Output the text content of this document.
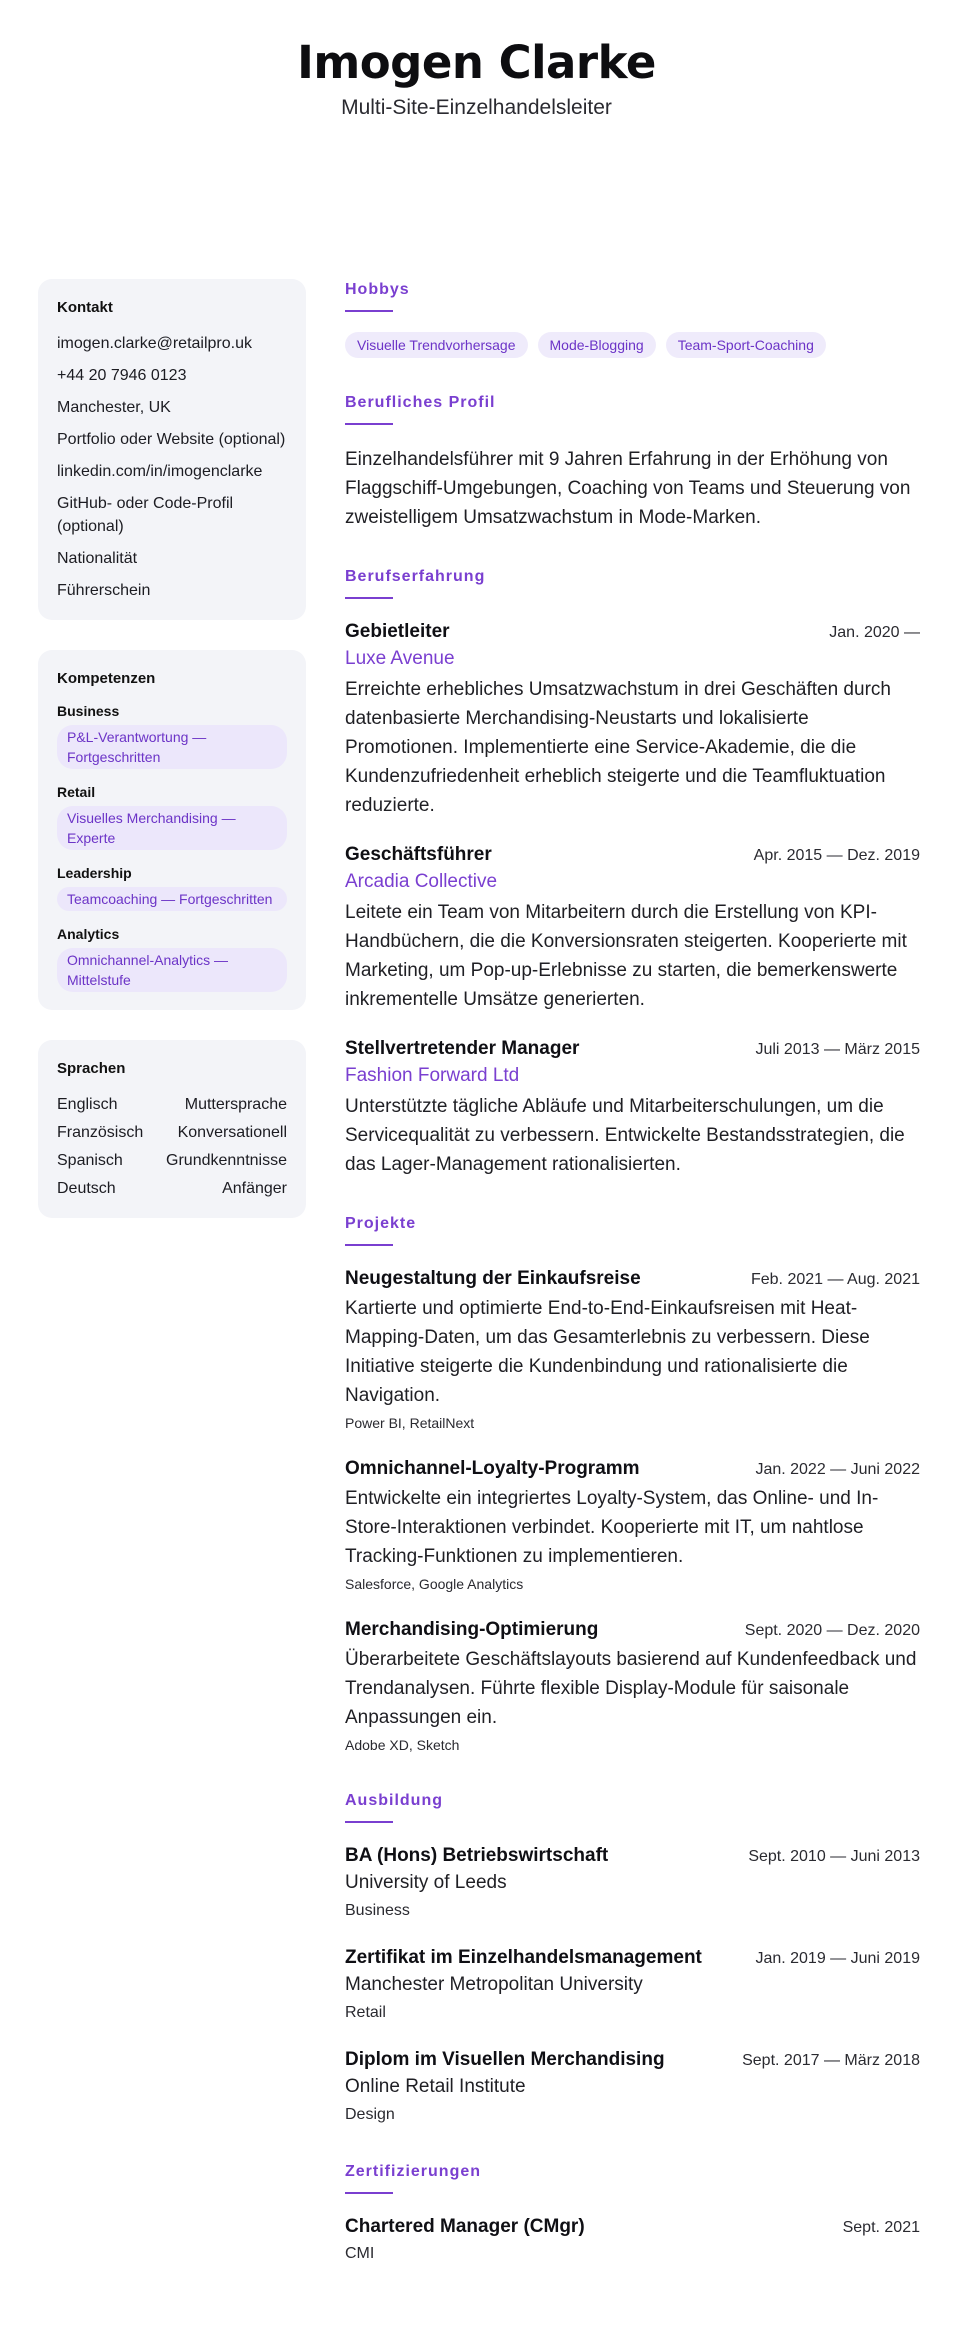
Imogen Clarke
Multi-Site-Einzelhandelsleiter
Kontakt
imogen.clarke@retailpro.uk
+44 20 7946 0123
Manchester, UK
Portfolio oder Website (optional)
linkedin.com/in/imogenclarke
GitHub- oder Code-Profil (optional)
Nationalität
Führerschein
Kompetenzen
Business
P&L-Verantwortung — Fortgeschritten
Retail
Visuelles Merchandising — Experte
Leadership
Teamcoaching — Fortgeschritten
Analytics
Omnichannel-Analytics — Mittelstufe
Sprachen
Englisch	Muttersprache
Französisch Konversationell
Spanisch	Grundkenntnisse
Deutsch	Anfänger
Hobbys
Visuelle Trendvorhersage	Mode-Blogging	Team-Sport-Coaching
Berufliches Profil

Einzelhandelsführer mit 9 Jahren Erfahrung in der Erhöhung von Flaggschiff-Umgebungen, Coaching von Teams und Steuerung von zweistelligem Umsatzwachstum in Mode-Marken.

Berufserfahrung
Gebietleiter	Jan. 2020 —
Luxe Avenue

Erreichte erhebliches Umsatzwachstum in drei Geschäften durch datenbasierte Merchandising-Neustarts und lokalisierte Promotionen. Implementierte eine Service-Akademie, die die Kundenzufriedenheit erheblich steigerte und die Teamfluktuation reduzierte.

Geschäftsführer	Apr. 2015 — Dez. 2019
Arcadia Collective

Leitete ein Team von Mitarbeitern durch die Erstellung von KPI-Handbüchern, die die Konversionsraten steigerten. Kooperierte mit Marketing, um Pop-up-Erlebnisse zu starten, die bemerkenswerte inkrementelle Umsätze generierten.

Stellvertretender Manager	Juli 2013 — März 2015
Fashion Forward Ltd

Unterstützte tägliche Abläufe und Mitarbeiterschulungen, um die Servicequalität zu verbessern. Entwickelte Bestandsstrategien, die das Lager-Management rationalisierten.

Projekte
Neugestaltung der Einkaufsreise	Feb. 2021 — Aug. 2021

Kartierte und optimierte End-to-End-Einkaufsreisen mit Heat-Mapping-Daten, um das Gesamterlebnis zu verbessern. Diese Initiative steigerte die Kundenbindung und rationalisierte die Navigation.

Power BI, RetailNext
Omnichannel-Loyalty-Programm	Jan. 2022 — Juni 2022

Entwickelte ein integriertes Loyalty-System, das Online- und In-Store-Interaktionen verbindet. Kooperierte mit IT, um nahtlose Tracking-Funktionen zu implementieren.

Salesforce, Google Analytics
Merchandising-Optimierung	Sept. 2020 — Dez. 2020

Überarbeitete Geschäftslayouts basierend auf Kundenfeedback und Trendanalysen. Führte flexible Display-Module für saisonale Anpassungen ein.

Adobe XD, Sketch
Ausbildung
BA (Hons) Betriebswirtschaft	Sept. 2010 — Juni 2013
University of Leeds
Business
Zertifikat im Einzelhandelsmanagement	Jan. 2019 — Juni 2019
Manchester Metropolitan University
Retail
Diplom im Visuellen Merchandising	Sept. 2017 — März 2018
Online Retail Institute
Design
Zertifizierungen
Chartered Manager (CMgr)	Sept. 2021
CMI
